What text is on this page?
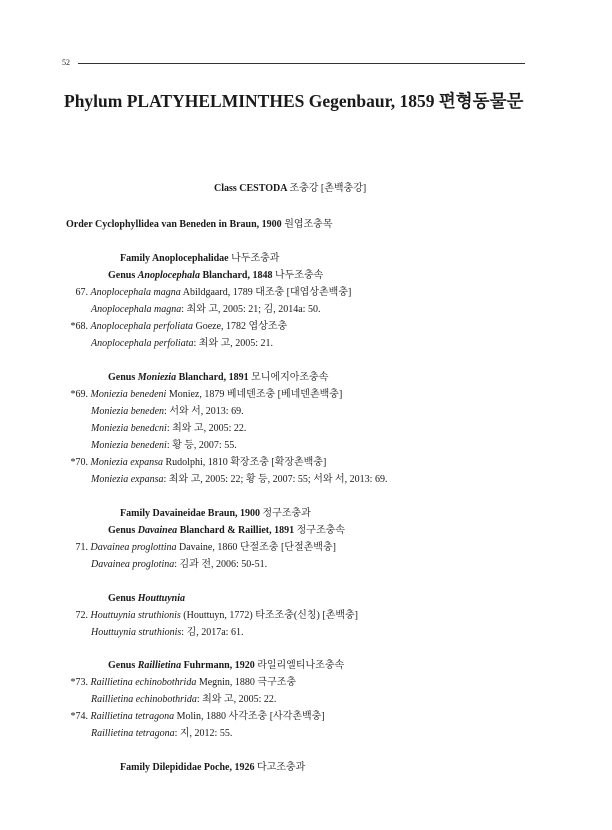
52
Phylum PLATYHELMINTHES Gegenbaur, 1859 편형동물문
Class CESTODA 조충강 [촌백충강]
Order Cyclophyllidea van Beneden in Braun, 1900 원엽조충목
Family Anoplocephalidae 나두조충과
Genus Anoplocephala Blanchard, 1848 나두조충속
67. Anoplocephala magna Abildgaard, 1789 대조충 [대엽상촌백충]
Anoplocephala magna: 최와 고, 2005: 21; 김, 2014a: 50.
*68. Anoplocephala perfoliata Goeze, 1782 엽상조충
Anoplocephala perfoliata: 최와 고, 2005: 21.
Genus Moniezia Blanchard, 1891 모니에지아조충속
*69. Moniezia benedeni Moniez, 1879 베네덴조충 [베네덴촌백충]
Moniezia beneden: 서와 서, 2013: 69.
Moniezia benedcni: 최와 고, 2005: 22.
Moniezia benedeni: 황 등, 2007: 55.
*70. Moniezia expansa Rudolphi, 1810 확장조충 [확장촌백충]
Moniezia expansa: 최와 고, 2005: 22; 황 등, 2007: 55; 서와 서, 2013: 69.
Family Davaineidae Braun, 1900 정구조충과
Genus Davainea Blanchard & Railliet, 1891 정구조충속
71. Davainea proglottina Davaine, 1860 단절조충 [단절촌백충]
Davainea proglotina: 김과 전, 2006: 50-51.
Genus Houttuynia
72. Houttuynia struthionis (Houttuyn, 1772) 타조조충(신칭) [촌백충]
Houttuynia struthionis: 김, 2017a: 61.
Genus Raillietina Fuhrmann, 1920 라일리엘티나조충속
*73. Raillietina echinobothrida Megnin, 1880 극구조충
Raillietina echinobothrida: 최와 고, 2005: 22.
*74. Raillietina tetragona Molin, 1880 사각조충 [사각촌백충]
Raillietina tetragona: 지, 2012: 55.
Family Dilepididae Poche, 1926 다고조충과
